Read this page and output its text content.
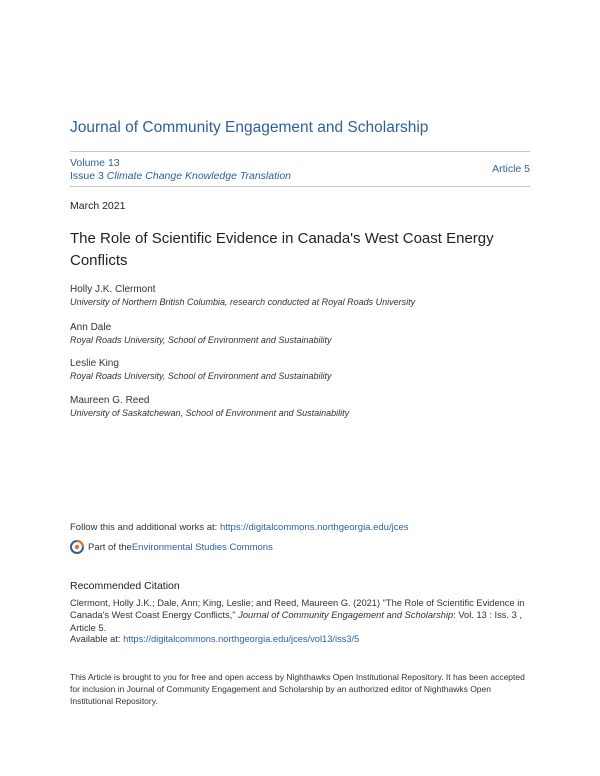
Journal of Community Engagement and Scholarship
Volume 13
Issue 3 Climate Change Knowledge Translation
Article 5
March 2021
The Role of Scientific Evidence in Canada's West Coast Energy Conflicts
Holly J.K. Clermont
University of Northern British Columbia, research conducted at Royal Roads University
Ann Dale
Royal Roads University, School of Environment and Sustainability
Leslie King
Royal Roads University, School of Environment and Sustainability
Maureen G. Reed
University of Saskatchewan, School of Environment and Sustainability
Follow this and additional works at: https://digitalcommons.northgeorgia.edu/jces
Part of the Environmental Studies Commons
Recommended Citation
Clermont, Holly J.K.; Dale, Ann; King, Leslie; and Reed, Maureen G. (2021) "The Role of Scientific Evidence in Canada's West Coast Energy Conflicts," Journal of Community Engagement and Scholarship: Vol. 13 : Iss. 3 , Article 5.
Available at: https://digitalcommons.northgeorgia.edu/jces/vol13/iss3/5
This Article is brought to you for free and open access by Nighthawks Open Institutional Repository. It has been accepted for inclusion in Journal of Community Engagement and Scholarship by an authorized editor of Nighthawks Open Institutional Repository.
